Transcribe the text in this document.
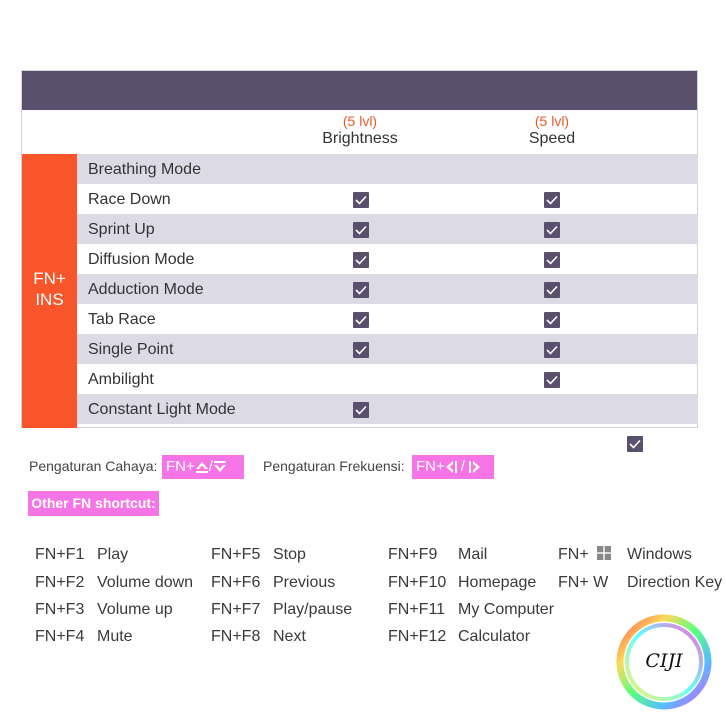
(5 lvl)
Brightness
(5 lvl)
Speed
FN+
INS
Breathing Mode
Race Down
Sprint Up
Diffusion Mode
Adduction Mode
Tab Race
Single Point
Ambilight
Constant Light Mode
Pengaturan Cahaya: FN+ /	Pengaturan Frekuensi: FN+ /
Other FN shortcut:
FN+F1 Play
FN+F2 Volume down
FN+F3 Volume up
FN+F4 Mute
FN+F5 Stop
FN+F6 Previous
FN+F7 Play/pause
FN+F8 Next
FN+F9 Mail
FN+F10 Homepage
FN+F11 My Computer
FN+F12 Calculator
FN+	Windows
FN+ W Direction Key
CIJI
